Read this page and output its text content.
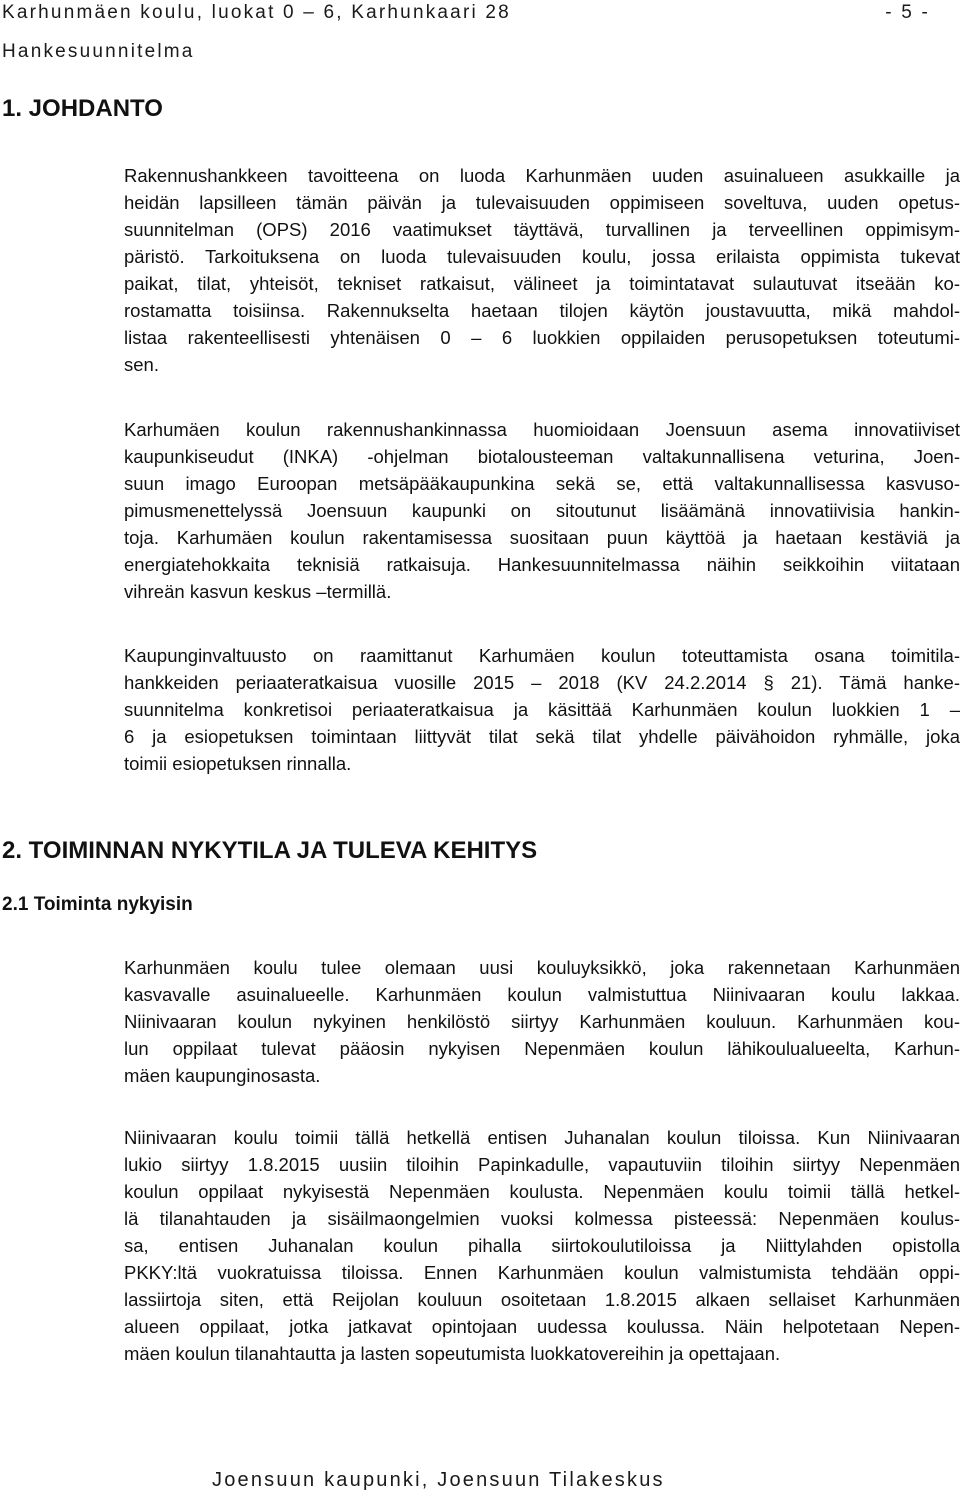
Karhunmäen koulu, luokat 0 – 6, Karhunkaari 28	- 5 -
Hankesuunnitelma
1. JOHDANTO
Rakennushankkeen tavoitteena on luoda Karhunmäen uuden asuinalueen asukkaille ja
heidän lapsilleen tämän päivän ja tulevaisuuden oppimiseen soveltuva, uuden opetus-
suunnitelman (OPS) 2016 vaatimukset täyttävä, turvallinen ja terveellinen oppimisym-
päristö. Tarkoituksena on luoda tulevaisuuden koulu, jossa erilaista oppimista tukevat
paikat, tilat, yhteisöt, tekniset ratkaisut, välineet ja toimintatavat sulautuvat itseään ko-
rostamatta toisiinsa. Rakennukselta haetaan tilojen käytön joustavuutta, mikä mahdol-
listaa rakenteellisesti yhtenäisen 0 – 6 luokkien oppilaiden perusopetuksen toteutumi-
sen.
Karhumäen koulun rakennushankinnassa huomioidaan Joensuun asema innovatiiviset
kaupunkiseudut (INKA) -ohjelman biotalousteeman valtakunnallisena veturina, Joen-
suun imago Euroopan metsäpääkaupunkina sekä se, että valtakunnallisessa kasvuso-
pimusmenettelyssä Joensuun kaupunki on sitoutunut lisäämänä innovatiivisia hankin-
toja. Karhumäen koulun rakentamisessa suositaan puun käyttöä ja haetaan kestäviä ja
energiatehokkaita teknisiä ratkaisuja. Hankesuunnitelmassa näihin seikkoihin viitataan
vihreän kasvun keskus –termillä.
Kaupunginvaltuusto on raamittanut Karhumäen koulun toteuttamista osana toimitila-
hankkeiden periaateratkaisua vuosille 2015 – 2018 (KV 24.2.2014 § 21). Tämä hanke-
suunnitelma konkretisoi periaateratkaisua ja käsittää Karhunmäen koulun luokkien 1 –
6 ja esiopetuksen toimintaan liittyvät tilat sekä tilat yhdelle päivähoidon ryhmälle, joka
toimii esiopetuksen rinnalla.
2. TOIMINNAN NYKYTILA JA TULEVA KEHITYS
2.1 Toiminta nykyisin
Karhunmäen koulu tulee olemaan uusi kouluyksikkö, joka rakennetaan Karhunmäen
kasvavalle asuinalueelle. Karhunmäen koulun valmistuttua Niinivaaran koulu lakkaa.
Niinivaaran koulun nykyinen henkilöstö siirtyy Karhunmäen kouluun. Karhunmäen kou-
lun oppilaat tulevat pääosin nykyisen Nepenmäen koulun lähikoulualueelta, Karhun-
mäen kaupunginosasta.
Niinivaaran koulu toimii tällä hetkellä entisen Juhanalan koulun tiloissa. Kun Niinivaaran
lukio siirtyy 1.8.2015 uusiin tiloihin Papinkadulle, vapautuviin tiloihin siirtyy Nepenmäen
koulun oppilaat nykyisestä Nepenmäen koulusta. Nepenmäen koulu toimii tällä hetkel-
lä tilanahtauden ja sisäilmaongelmien vuoksi kolmessa pisteessä: Nepenmäen koulus-
sa, entisen Juhanalan koulun pihalla siirtokoulutiloissa ja Niittylahden opistolla
PKKY:ltä vuokratuissa tiloissa. Ennen Karhunmäen koulun valmistumista tehdään oppi-
lassiirtoja siten, että Reijolan kouluun osoitetaan 1.8.2015 alkaen sellaiset Karhunmäen
alueen oppilaat, jotka jatkavat opintojaan uudessa koulussa. Näin helpotetaan Nepen-
mäen koulun tilanahtautta ja lasten sopeutumista luokkatovereihin ja opettajaan.
Joensuun kaupunki, Joensuun Tilakeskus
